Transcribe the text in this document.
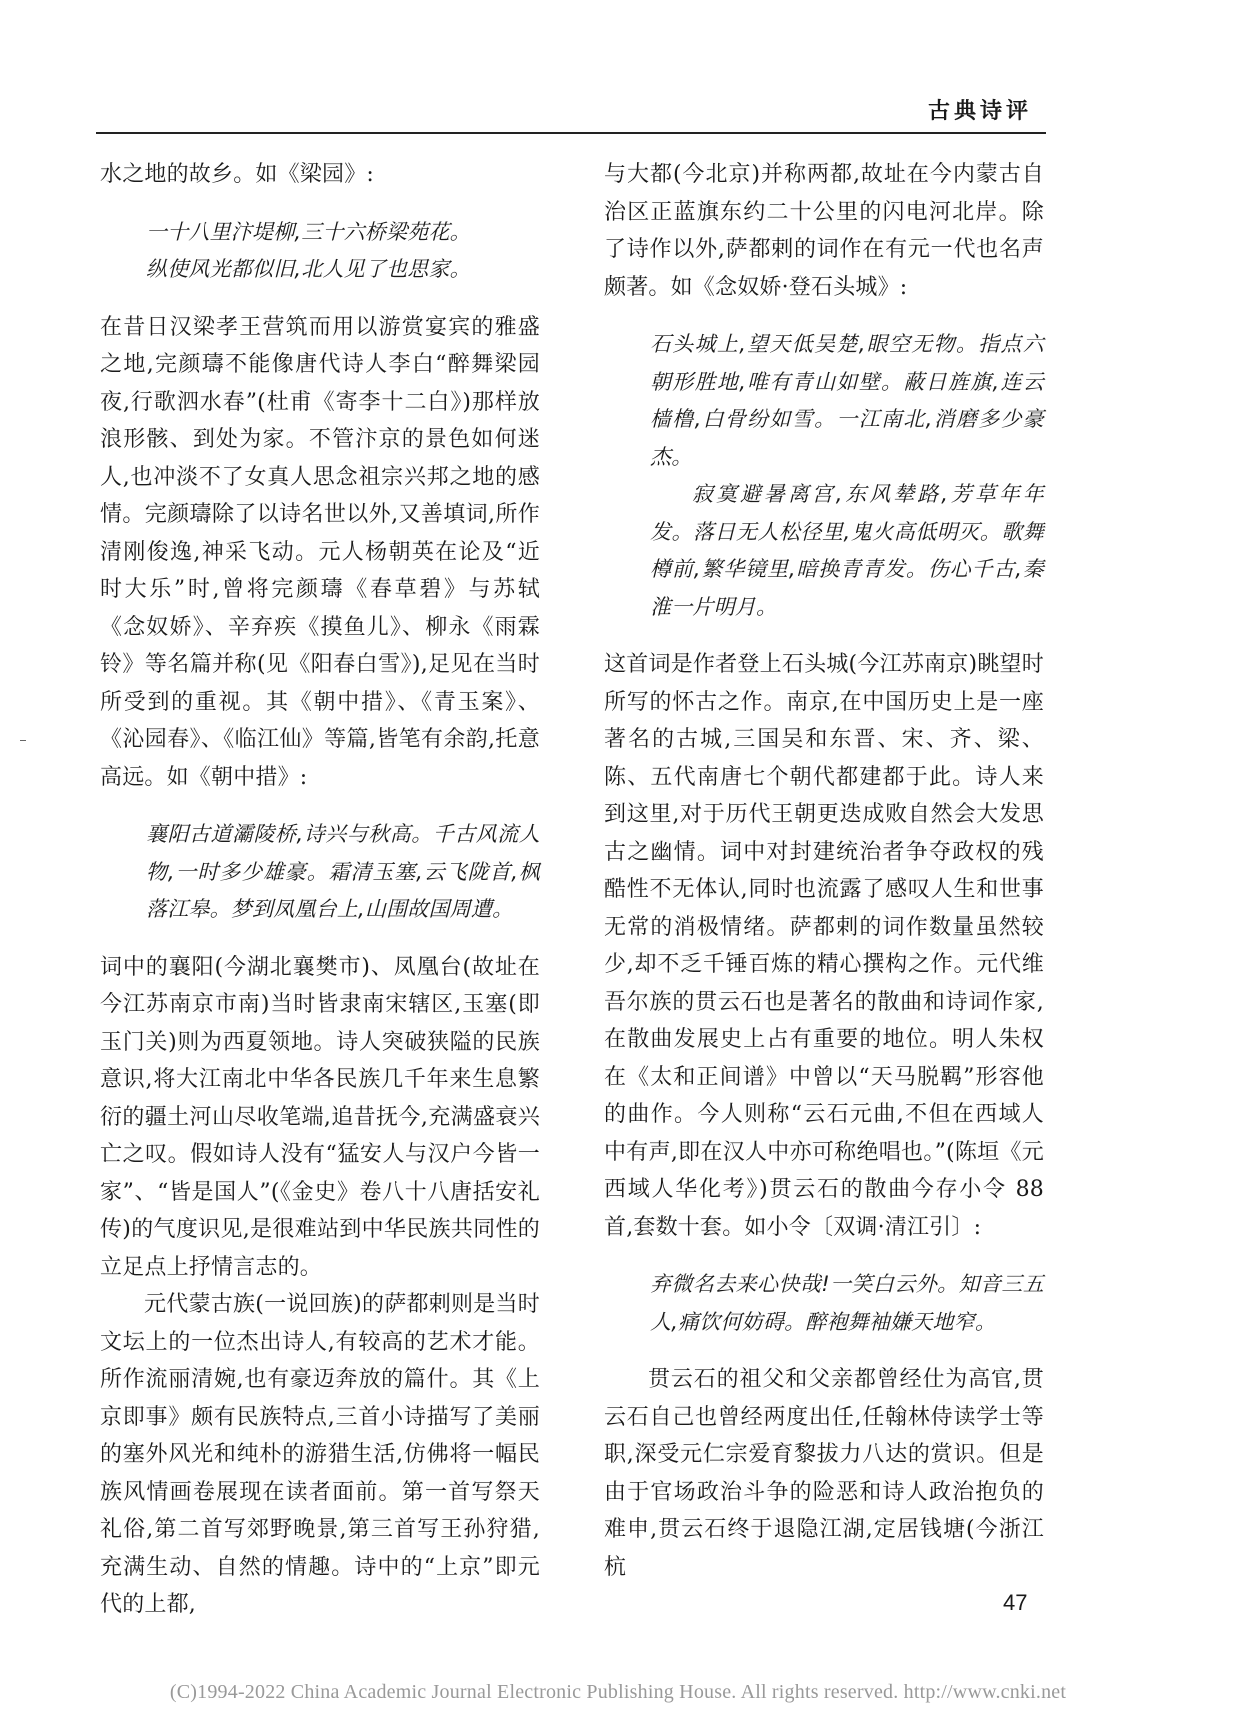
古典诗评

水之地的故乡。如《梁园》:

一十八里汴堤柳,三十六桥梁苑花。

纵使风光都似旧,北人见了也思家。

在昔日汉梁孝王营筑而用以游赏宴宾的雅盛之地,完颜璹不能像唐代诗人李白“醉舞梁园夜,行歌泗水春”(杜甫《寄李十二白》)那样放浪形骸、到处为家。不管汴京的景色如何迷人,也冲淡不了女真人思念祖宗兴邦之地的感情。完颜璹除了以诗名世以外,又善填词,所作清刚俊逸,神采飞动。元人杨朝英在论及“近时大乐”时,曾将完颜璹《春草碧》与苏轼《念奴娇》、辛弃疾《摸鱼儿》、柳永《雨霖铃》等名篇并称(见《阳春白雪》),足见在当时所受到的重视。其《朝中措》、《青玉案》、《沁园春》、《临江仙》等篇,皆笔有余韵,托意高远。如《朝中措》:

襄阳古道灞陵桥,诗兴与秋高。千古风流人物,一时多少雄豪。霜清玉塞,云飞陇首,枫落江皋。梦到凤凰台上,山围故国周遭。

词中的襄阳(今湖北襄樊市)、凤凰台(故址在今江苏南京市南)当时皆隶南宋辖区,玉塞(即玉门关)则为西夏领地。诗人突破狭隘的民族意识,将大江南北中华各民族几千年来生息繁衍的疆土河山尽收笔端,追昔抚今,充满盛衰兴亡之叹。假如诗人没有“猛安人与汉户今皆一家”、“皆是国人”(《金史》卷八十八唐括安礼传)的气度识见,是很难站到中华民族共同性的立足点上抒情言志的。

元代蒙古族(一说回族)的萨都剌则是当时文坛上的一位杰出诗人,有较高的艺术才能。所作流丽清婉,也有豪迈奔放的篇什。其《上京即事》颇有民族特点,三首小诗描写了美丽的塞外风光和纯朴的游猎生活,仿佛将一幅民族风情画卷展现在读者面前。第一首写祭天礼俗,第二首写郊野晚景,第三首写王孙狩猎,充满生动、自然的情趣。诗中的“上京”即元代的上都,

与大都(今北京)并称两都,故址在今内蒙古自治区正蓝旗东约二十公里的闪电河北岸。除了诗作以外,萨都剌的词作在有元一代也名声颇著。如《念奴娇·登石头城》:

石头城上,望天低吴楚,眼空无物。指点六朝形胜地,唯有青山如壁。蔽日旌旗,连云樯橹,白骨纷如雪。一江南北,消磨多少豪杰。

寂寞避暑离宫,东风辇路,芳草年年发。落日无人松径里,鬼火高低明灭。歌舞樽前,繁华镜里,暗换青青发。伤心千古,秦淮一片明月。

这首词是作者登上石头城(今江苏南京)眺望时所写的怀古之作。南京,在中国历史上是一座著名的古城,三国吴和东晋、宋、齐、梁、陈、五代南唐七个朝代都建都于此。诗人来到这里,对于历代王朝更迭成败自然会大发思古之幽情。词中对封建统治者争夺政权的残酷性不无体认,同时也流露了感叹人生和世事无常的消极情绪。萨都剌的词作数量虽然较少,却不乏千锤百炼的精心撰构之作。元代维吾尔族的贯云石也是著名的散曲和诗词作家,在散曲发展史上占有重要的地位。明人朱权在《太和正间谱》中曾以“天马脱羁”形容他的曲作。今人则称“云石元曲,不但在西域人中有声,即在汉人中亦可称绝唱也。”(陈垣《元西域人华化考》)贯云石的散曲今存小令 88 首,套数十套。如小令〔双调·清江引〕:

弃微名去来心快哉!一笑白云外。知音三五人,痛饮何妨碍。醉袍舞袖嫌天地窄。

贯云石的祖父和父亲都曾经仕为高官,贯云石自己也曾经两度出任,任翰林侍读学士等职,深受元仁宗爱育黎拔力八达的赏识。但是由于官场政治斗争的险恶和诗人政治抱负的难申,贯云石终于退隐江湖,定居钱塘(今浙江杭

47
(C)1994-2022 China Academic Journal Electronic Publishing House. All rights reserved. http://www.cnki.net
